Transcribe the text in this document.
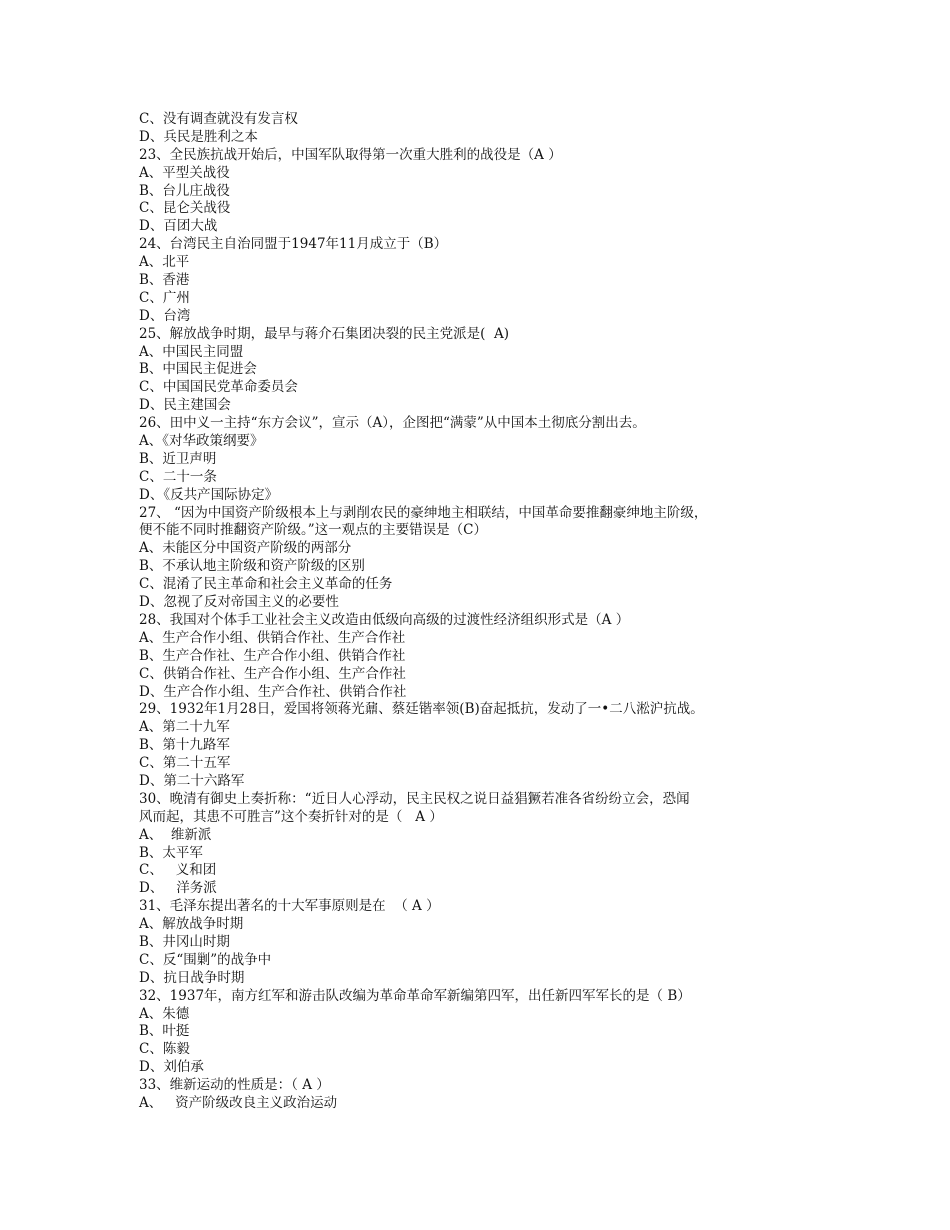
C、没有调查就没有发言权
D、兵民是胜利之本
23、全民族抗战开始后，中国军队取得第一次重大胜利的战役是（A ）
A、平型关战役
B、台儿庄战役
C、昆仑关战役
D、百团大战
24、台湾民主自治同盟于1947年11月成立于（B）
A、北平
B、香港
C、广州
D、台湾
25、解放战争时期，最早与蒋介石集团决裂的民主党派是(  A)
A、中国民主同盟
B、中国民主促进会
C、中国国民党革命委员会
D、民主建国会
26、田中义一主持“东方会议”，宣示（A），企图把“满蒙”从中国本土彻底分割出去。
A、《对华政策纲要》
B、近卫声明
C、二十一条
D、《反共产国际协定》
27、 “因为中国资产阶级根本上与剥削农民的豪绅地主相联结，中国革命要推翻豪绅地主阶级，
便不能不同时推翻资产阶级。”这一观点的主要错误是（C）
A、未能区分中国资产阶级的两部分
B、不承认地主阶级和资产阶级的区别
C、混淆了民主革命和社会主义革命的任务
D、忽视了反对帝国主义的必要性
28、我国对个体手工业社会主义改造由低级向高级的过渡性经济组织形式是（A ）
A、生产合作小组、供销合作社、生产合作社
B、生产合作社、生产合作小组、供销合作社
C、供销合作社、生产合作小组、生产合作社
D、生产合作小组、生产合作社、供销合作社
29、1932年1月28日，爱国将领蒋光鼐、蔡廷锴率领(B)奋起抵抗，发动了一•二八淞沪抗战。
A、第二十九军
B、第十九路军
C、第二十五军
D、第二十六路军
30、晚清有御史上奏折称：“近日人心浮动，民主民权之说日益猖獗若准各省纷纷立会，恐闻
风而起，其患不可胜言”这个奏折针对的是（   A ）
A、  维新派
B、太平军
C、   义和团
D、   洋务派
31、毛泽东提出著名的十大军事原则是在  （ A ）
A、解放战争时期
B、井冈山时期
C、反“围剿”的战争中
D、抗日战争时期
32、1937年，南方红军和游击队改编为革命革命军新编第四军，出任新四军军长的是（ B）
A、朱德
B、叶挺
C、陈毅
D、刘伯承
33、维新运动的性质是：（ A ）
A、   资产阶级改良主义政治运动
